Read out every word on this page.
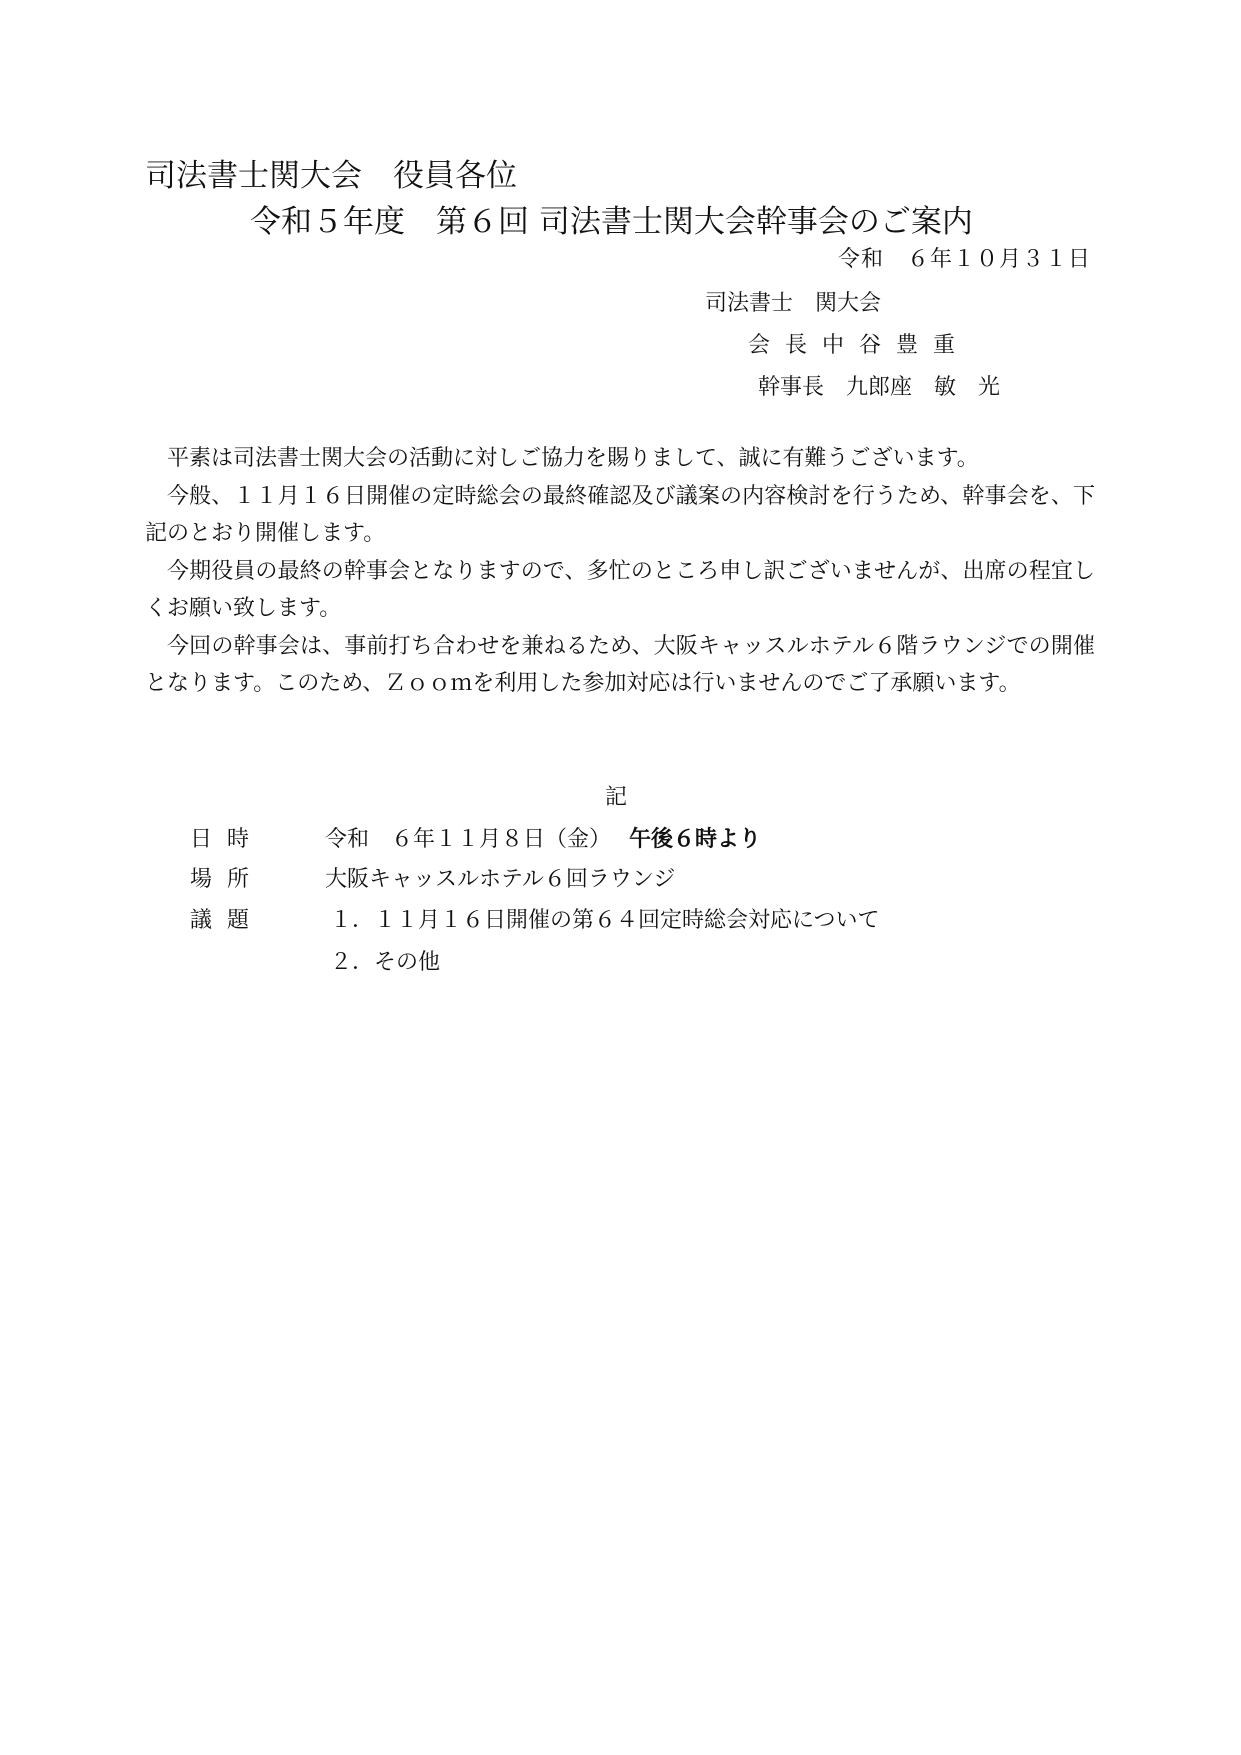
司法書士関大会　役員各位
令和５年度　第６回 司法書士関大会幹事会のご案内
令和　６年１０月３１日
司法書士　関大会
会 長 中 谷 豊 重
幹事長　九郎座　敏　光

平素は司法書士関大会の活動に対しご協力を賜りまして、誠に有難うございます。

今般、１１月１６日開催の定時総会の最終確認及び議案の内容検討を行うため、幹事会を、下記のとおり開催します。

今期役員の最終の幹事会となりますので、多忙のところ申し訳ございませんが、出席の程宜しくお願い致します。

今回の幹事会は、事前打ち合わせを兼ねるため、大阪キャッスルホテル６階ラウンジでの開催となります。このため、Ｚｏｏｍを利用した参加対応は行いませんのでご了承願います。

記
日 時	令和　６年１１月８日（金） 午後６時より
場 所	大阪キャッスルホテル６回ラウンジ
議 題	１．１１月１６日開催の第６４回定時総会対応について
２．その他
